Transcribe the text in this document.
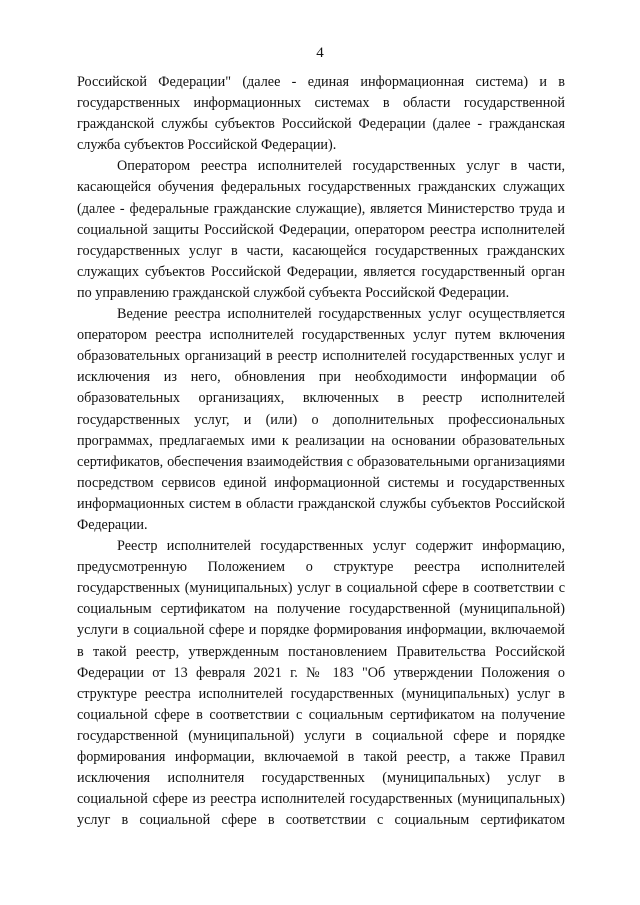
4

Российской Федерации" (далее - единая информационная система) и в государственных информационных системах в области государственной гражданской службы субъектов Российской Федерации (далее - гражданская служба субъектов Российской Федерации).

Оператором реестра исполнителей государственных услуг в части, касающейся обучения федеральных государственных гражданских служащих (далее - федеральные гражданские служащие), является Министерство труда и социальной защиты Российской Федерации, оператором реестра исполнителей государственных услуг в части, касающейся государственных гражданских служащих субъектов Российской Федерации, является государственный орган по управлению гражданской службой субъекта Российской Федерации.

Ведение реестра исполнителей государственных услуг осуществляется оператором реестра исполнителей государственных услуг путем включения образовательных организаций в реестр исполнителей государственных услуг и исключения из него, обновления при необходимости информации об образовательных организациях, включенных в реестр исполнителей государственных услуг, и (или) о дополнительных профессиональных программах, предлагаемых ими к реализации на основании образовательных сертификатов, обеспечения взаимодействия с образовательными организациями посредством сервисов единой информационной системы и государственных информационных систем в области гражданской службы субъектов Российской Федерации.

Реестр исполнителей государственных услуг содержит информацию, предусмотренную Положением о структуре реестра исполнителей государственных (муниципальных) услуг в социальной сфере в соответствии с социальным сертификатом на получение государственной (муниципальной) услуги в социальной сфере и порядке формирования информации, включаемой в такой реестр, утвержденным постановлением Правительства Российской Федерации от 13 февраля 2021 г. № 183 "Об утверждении Положения о структуре реестра исполнителей государственных (муниципальных) услуг в социальной сфере в соответствии с социальным сертификатом на получение государственной (муниципальной) услуги в социальной сфере и порядке формирования информации, включаемой в такой реестр, а также Правил исключения исполнителя государственных (муниципальных) услуг в социальной сфере из реестра исполнителей государственных (муниципальных) услуг в социальной сфере в соответствии с социальным сертификатом
